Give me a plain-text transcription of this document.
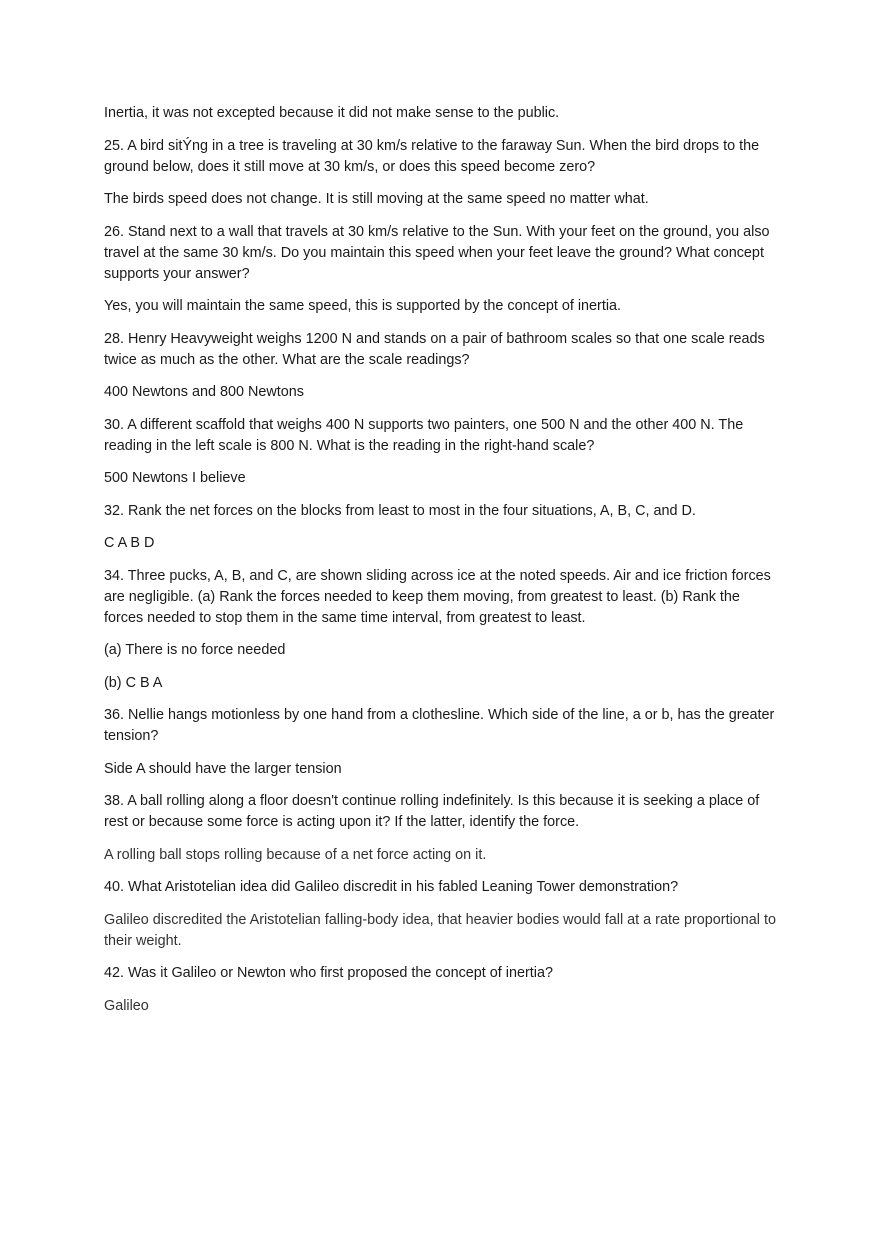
Inertia, it was not excepted because it did not make sense to the public.

25. A bird sitÝng in a tree is traveling at 30 km/s relative to the faraway Sun. When the bird drops to the ground below, does it still move at 30 km/s, or does this speed become zero?

The birds speed does not change. It is still moving at the same speed no matter what.

26. Stand next to a wall that travels at 30 km/s relative to the Sun. With your feet on the ground, you also travel at the same 30 km/s. Do you maintain this speed when your feet leave the ground? What concept supports your answer?

Yes, you will maintain the same speed, this is supported by the concept of inertia.

28. Henry Heavyweight weighs 1200 N and stands on a pair of bathroom scales so that one scale reads twice as much as the other. What are the scale readings?

400 Newtons and 800 Newtons

30. A different scaffold that weighs 400 N supports two painters, one 500 N and the other 400 N. The reading in the left scale is 800 N. What is the reading in the right-hand scale?

500 Newtons I believe

32. Rank the net forces on the blocks from least to most in the four situations, A, B, C, and D.

C A B D

34. Three pucks, A, B, and C, are shown sliding across ice at the noted speeds. Air and ice friction forces are negligible. (a) Rank the forces needed to keep them moving, from greatest to least. (b) Rank the forces needed to stop them in the same time interval, from greatest to least.

(a) There is no force needed

(b) C B A

36. Nellie hangs motionless by one hand from a clothesline. Which side of the line, a or b, has the greater tension?

Side A should have the larger tension

38. A ball rolling along a floor doesn't continue rolling indefinitely. Is this because it is seeking a place of rest or because some force is acting upon it? If the latter, identify the force.

A rolling ball stops rolling because of a net force acting on it.

40. What Aristotelian idea did Galileo discredit in his fabled Leaning Tower demonstration?

Galileo discredited the Aristotelian falling-body idea, that heavier bodies would fall at a rate proportional to their weight.

42. Was it Galileo or Newton who first proposed the concept of inertia?

Galileo
